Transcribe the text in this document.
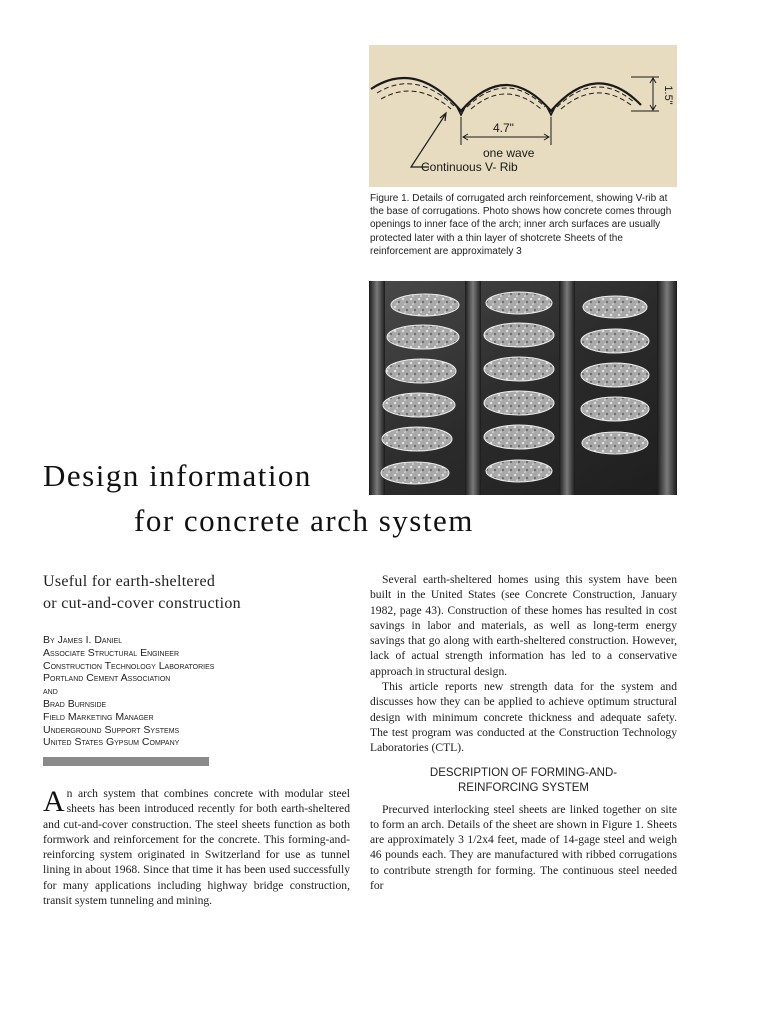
4.7"
1.5"
one wave
Continuous V- Rib
Figure 1. Details of corrugated arch reinforcement, showing V-rib at the base of corrugations. Photo shows how concrete comes through openings to inner face of the arch; inner arch surfaces are usually protected later with a thin layer of shotcrete Sheets of the reinforcement are approximately 3
Design information
for concrete arch system
Useful for earth-sheltered
or cut-and-cover construction
By James I. Daniel
Associate Structural Engineer
Construction Technology Laboratories
Portland Cement Association
and
Brad Burnside
Field Marketing Manager
Underground Support Systems
United States Gypsum Company

An arch system that combines concrete with modular steel sheets has been introduced recently for both earth-sheltered and cut-and-cover construction. The steel sheets function as both formwork and reinforcement for the concrete. This forming-and-reinforcing system originated in Switzerland for use as tunnel lining in about 1968. Since that time it has been used successfully for many applications including highway bridge construction, transit system tunneling and mining.

Several earth-sheltered homes using this system have been built in the United States (see Concrete Construction, January 1982, page 43). Construction of these homes has resulted in cost savings in labor and materials, as well as long-term energy savings that go along with earth-sheltered construction. However, lack of actual strength information has led to a conservative approach in structural design.

This article reports new strength data for the system and discusses how they can be applied to achieve optimum structural design with minimum concrete thickness and adequate safety. The test program was conducted at the Construction Technology Laboratories (CTL).

DESCRIPTION OF FORMING-AND-
REINFORCING SYSTEM

Precurved interlocking steel sheets are linked together on site to form an arch. Details of the sheet are shown in Figure 1. Sheets are approximately 3 1/2x4 feet, made of 14-gage steel and weigh 46 pounds each. They are manufactured with ribbed corrugations to contribute strength for forming. The continuous steel needed for
